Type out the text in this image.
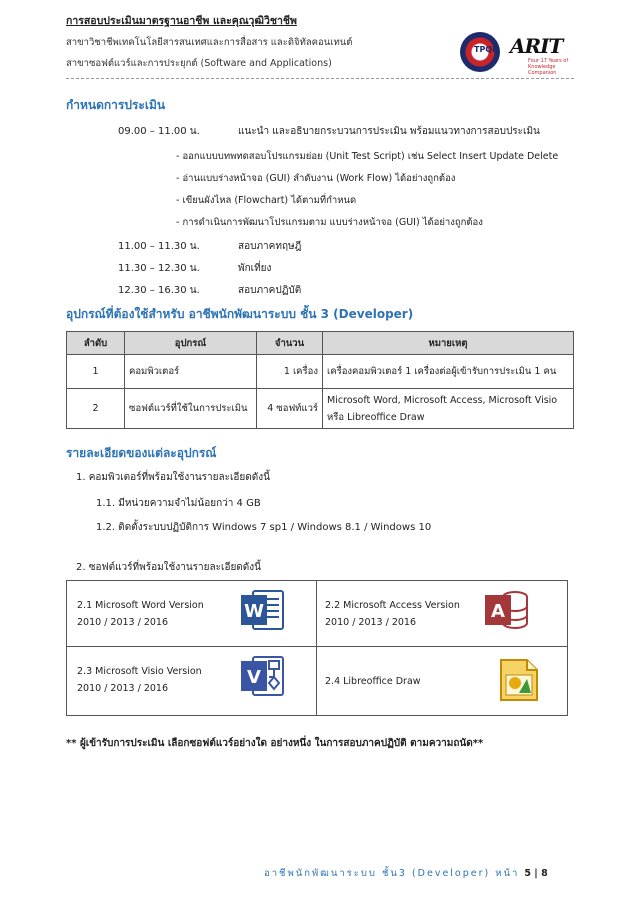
การสอบประเมินมาตรฐานอาชีพ และคุณวุฒิวิชาชีพ
สาขาวิชาชีพเทคโนโลยีสารสนเทศและการสื่อสาร และดิจิทัลคอนเทนต์
สาขาซอฟต์แวร์และการประยุกต์ (Software and Applications)
TPQI ARIT
Four 17 Years of Knowledge Companion
กำหนดการประเมิน
09.00 – 11.00 น.	แนะนำ และอธิบายกระบวนการประเมิน พร้อมแนวทางการสอบประเมิน
- ออกแบบบทพทดสอบโปรแกรมย่อย (Unit Test Script) เช่น Select Insert Update Delete
- อ่านแบบร่างหน้าจอ (GUI) ลำดับงาน (Work Flow) ได้อย่างถูกต้อง
- เขียนผังไหล (Flowchart) ได้ตามที่กำหนด
- การดำเนินการพัฒนาโปรแกรมตาม แบบร่างหน้าจอ (GUI) ได้อย่างถูกต้อง
11.00 – 11.30 น.	สอบภาคทฤษฎี
11.30 – 12.30 น.	พักเที่ยง
12.30 – 16.30 น.	สอบภาคปฏิบัติ
อุปกรณ์ที่ต้องใช้สำหรับ อาชีพนักพัฒนาระบบ ชั้น 3 (Developer)
ลำดับ	อุปกรณ์	จำนวน	หมายเหตุ
1	คอมพิวเตอร์	1 เครื่อง	เครื่องคอมพิวเตอร์ 1 เครื่องต่อผู้เข้ารับการประเมิน 1 คน
2	ซอฟต์แวร์ที่ใช้ในการประเมิน	4 ซอฟท์แวร์	Microsoft Word, Microsoft Access, Microsoft Visio
หรือ Libreoffice Draw
รายละเอียดของแต่ละอุปกรณ์
1. คอมพิวเตอร์ที่พร้อมใช้งานรายละเอียดดังนี้
1.1. มีหน่วยความจำไม่น้อยกว่า 4 GB
1.2. ติดตั้งระบบปฏิบัติการ Windows 7 sp1 / Windows 8.1 / Windows 10
2. ซอฟต์แวร์ที่พร้อมใช้งานรายละเอียดดังนี้
2.1 Microsoft Word Version
2010 / 2013 / 2016
W	2.2 Microsoft Access Version
2010 / 2013 / 2016
A
2.3 Microsoft Visio Version
2010 / 2013 / 2016
V	2.4 Libreoffice Draw
** ผู้เข้ารับการประเมิน เลือกซอฟต์แวร์อย่างใด อย่างหนึ่ง ในการสอบภาคปฏิบัติ ตามความถนัด**
อาชีพนักพัฒนาระบบ ชั้น3 (Developer) หน้า 5 | 8
